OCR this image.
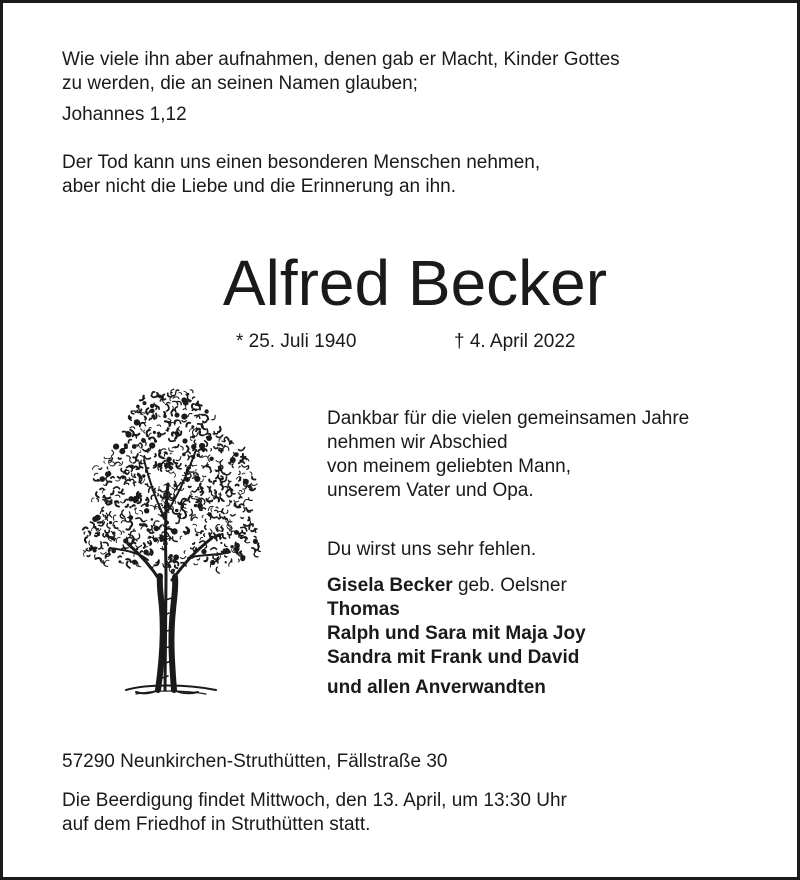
Wie viele ihn aber aufnahmen, denen gab er Macht, Kinder Gottes
zu werden, die an seinen Namen glauben;

Johannes 1,12

Der Tod kann uns einen besonderen Menschen nehmen,
aber nicht die Liebe und die Erinnerung an ihn.

Alfred Becker

* 25. Juli 1940	† 4. April 2022

Dankbar für die vielen gemeinsamen Jahre
nehmen wir Abschied
von meinem geliebten Mann,
unserem Vater und Opa.

Du wirst uns sehr fehlen.

Gisela Becker geb. Oelsner
Thomas
Ralph und Sara mit Maja Joy
Sandra mit Frank und David

und allen Anverwandten

57290 Neunkirchen-Struthütten, Fällstraße 30

Die Beerdigung findet Mittwoch, den 13. April, um 13:30 Uhr
auf dem Friedhof in Struthütten statt.
